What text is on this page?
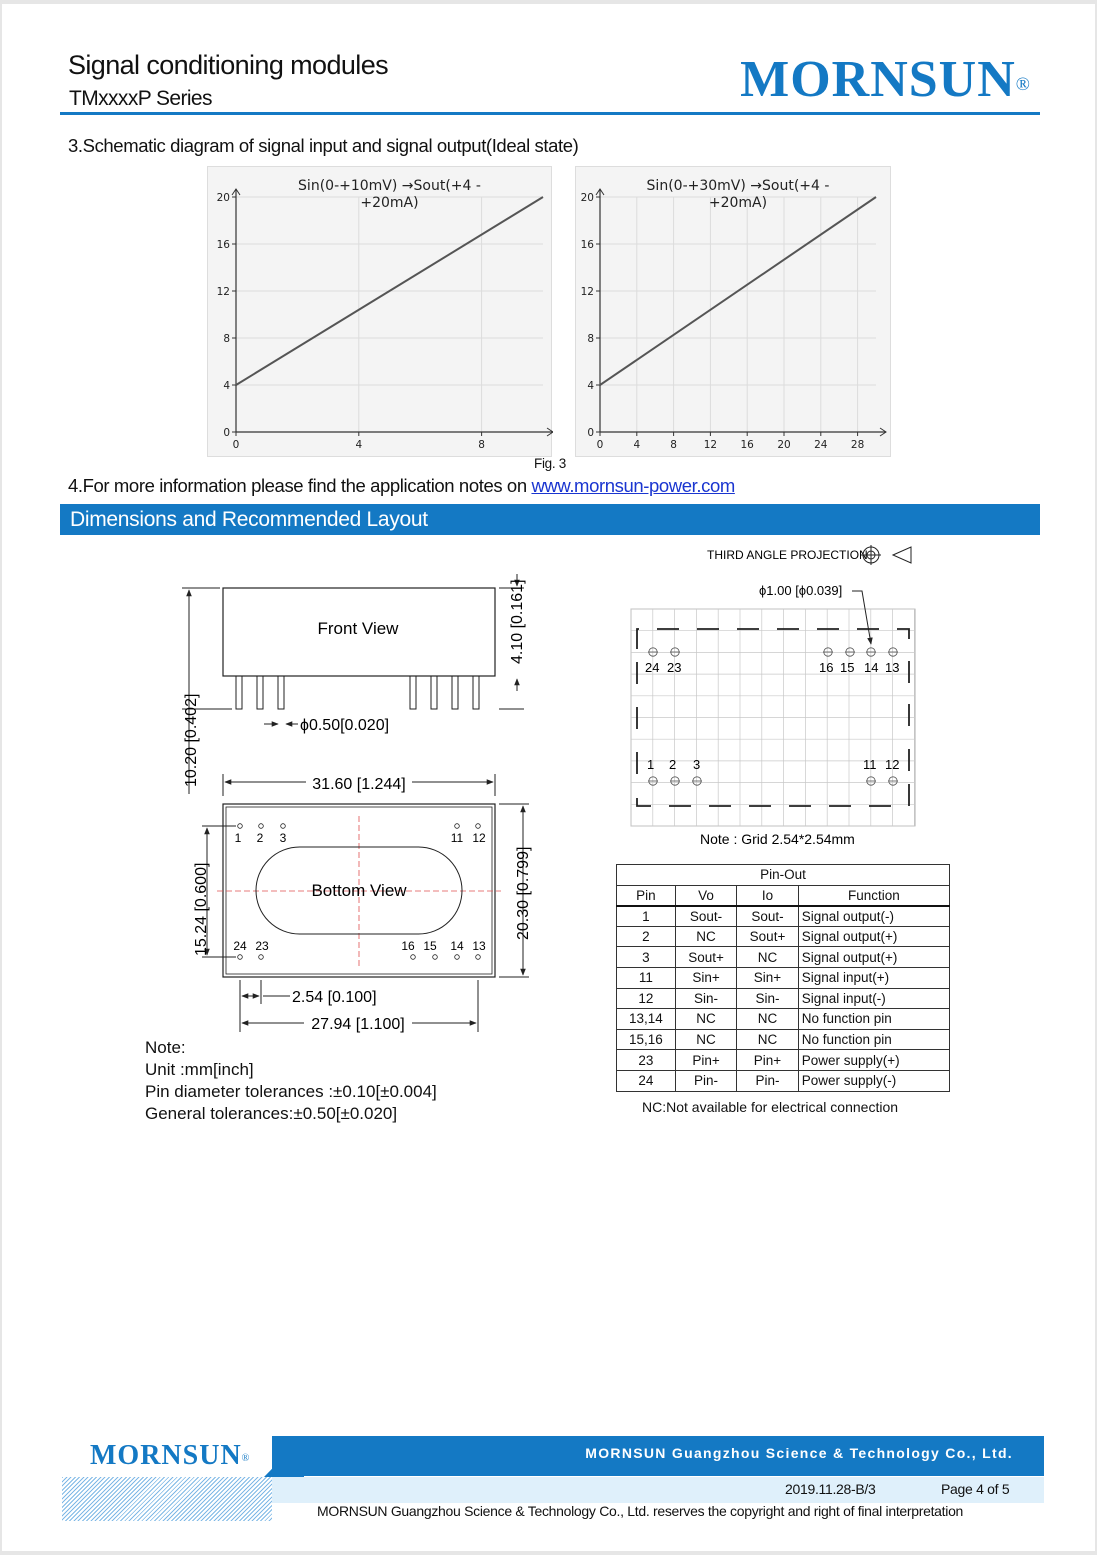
Signal conditioning modules
TMxxxxP Series	MORNSUN®
3.Schematic diagram of signal input and signal output(Ideal state)
0
4
8
12
16
20
0	4	8
Sin(0-+10mV) →Sout(+4 -
+20mA)
0
4
8
12
16
20
0	4	8	12 16 20 24 28
Sin(0-+30mV) →Sout(+4 -
+20mA)
Fig. 3
4.For more information please find the application notes on www.mornsun-power.com
Dimensions and Recommended Layout
THIRD ANGLE PROJECTION
Front View
10.20 [0.402]
4.10 [0.161]
ϕ0.50[0.020]
31.60 [1.244]
Bottom View
1 2 3	11 12
24 23	16 15 14 13
15.24 [0.600]	20.30 [0.799]
2.54 [0.100]
27.94 [1.100]
ϕ1.00 [ϕ0.039]
24 23	16 15 14 13
1 2 3	11 12
Note : Grid 2.54*2.54mm
Note:
Unit :mm[inch]
Pin diameter tolerances :±0.10[±0.004]
General tolerances:±0.50[±0.020]
Pin-Out			
Pin	Vo	Io	Function
1	Sout-	Sout-	Signal output(-)
2	NC	Sout+	Signal output(+)
3	Sout+	NC	Signal output(+)
11	Sin+	Sin+	Signal input(+)
12	Sin-	Sin-	Signal input(-)
13,14	NC	NC	No function pin
15,16	NC	NC	No function pin
23	Pin+	Pin+	Power supply(+)
24	Pin-	Pin-	Power supply(-)
NC:Not available for electrical connection
MORNSUN®	MORNSUN Guangzhou Science & Technology Co., Ltd.
2019.11.28-B/3	Page 4 of 5
MORNSUN Guangzhou Science & Technology Co., Ltd. reserves the copyright and right of final interpretation
